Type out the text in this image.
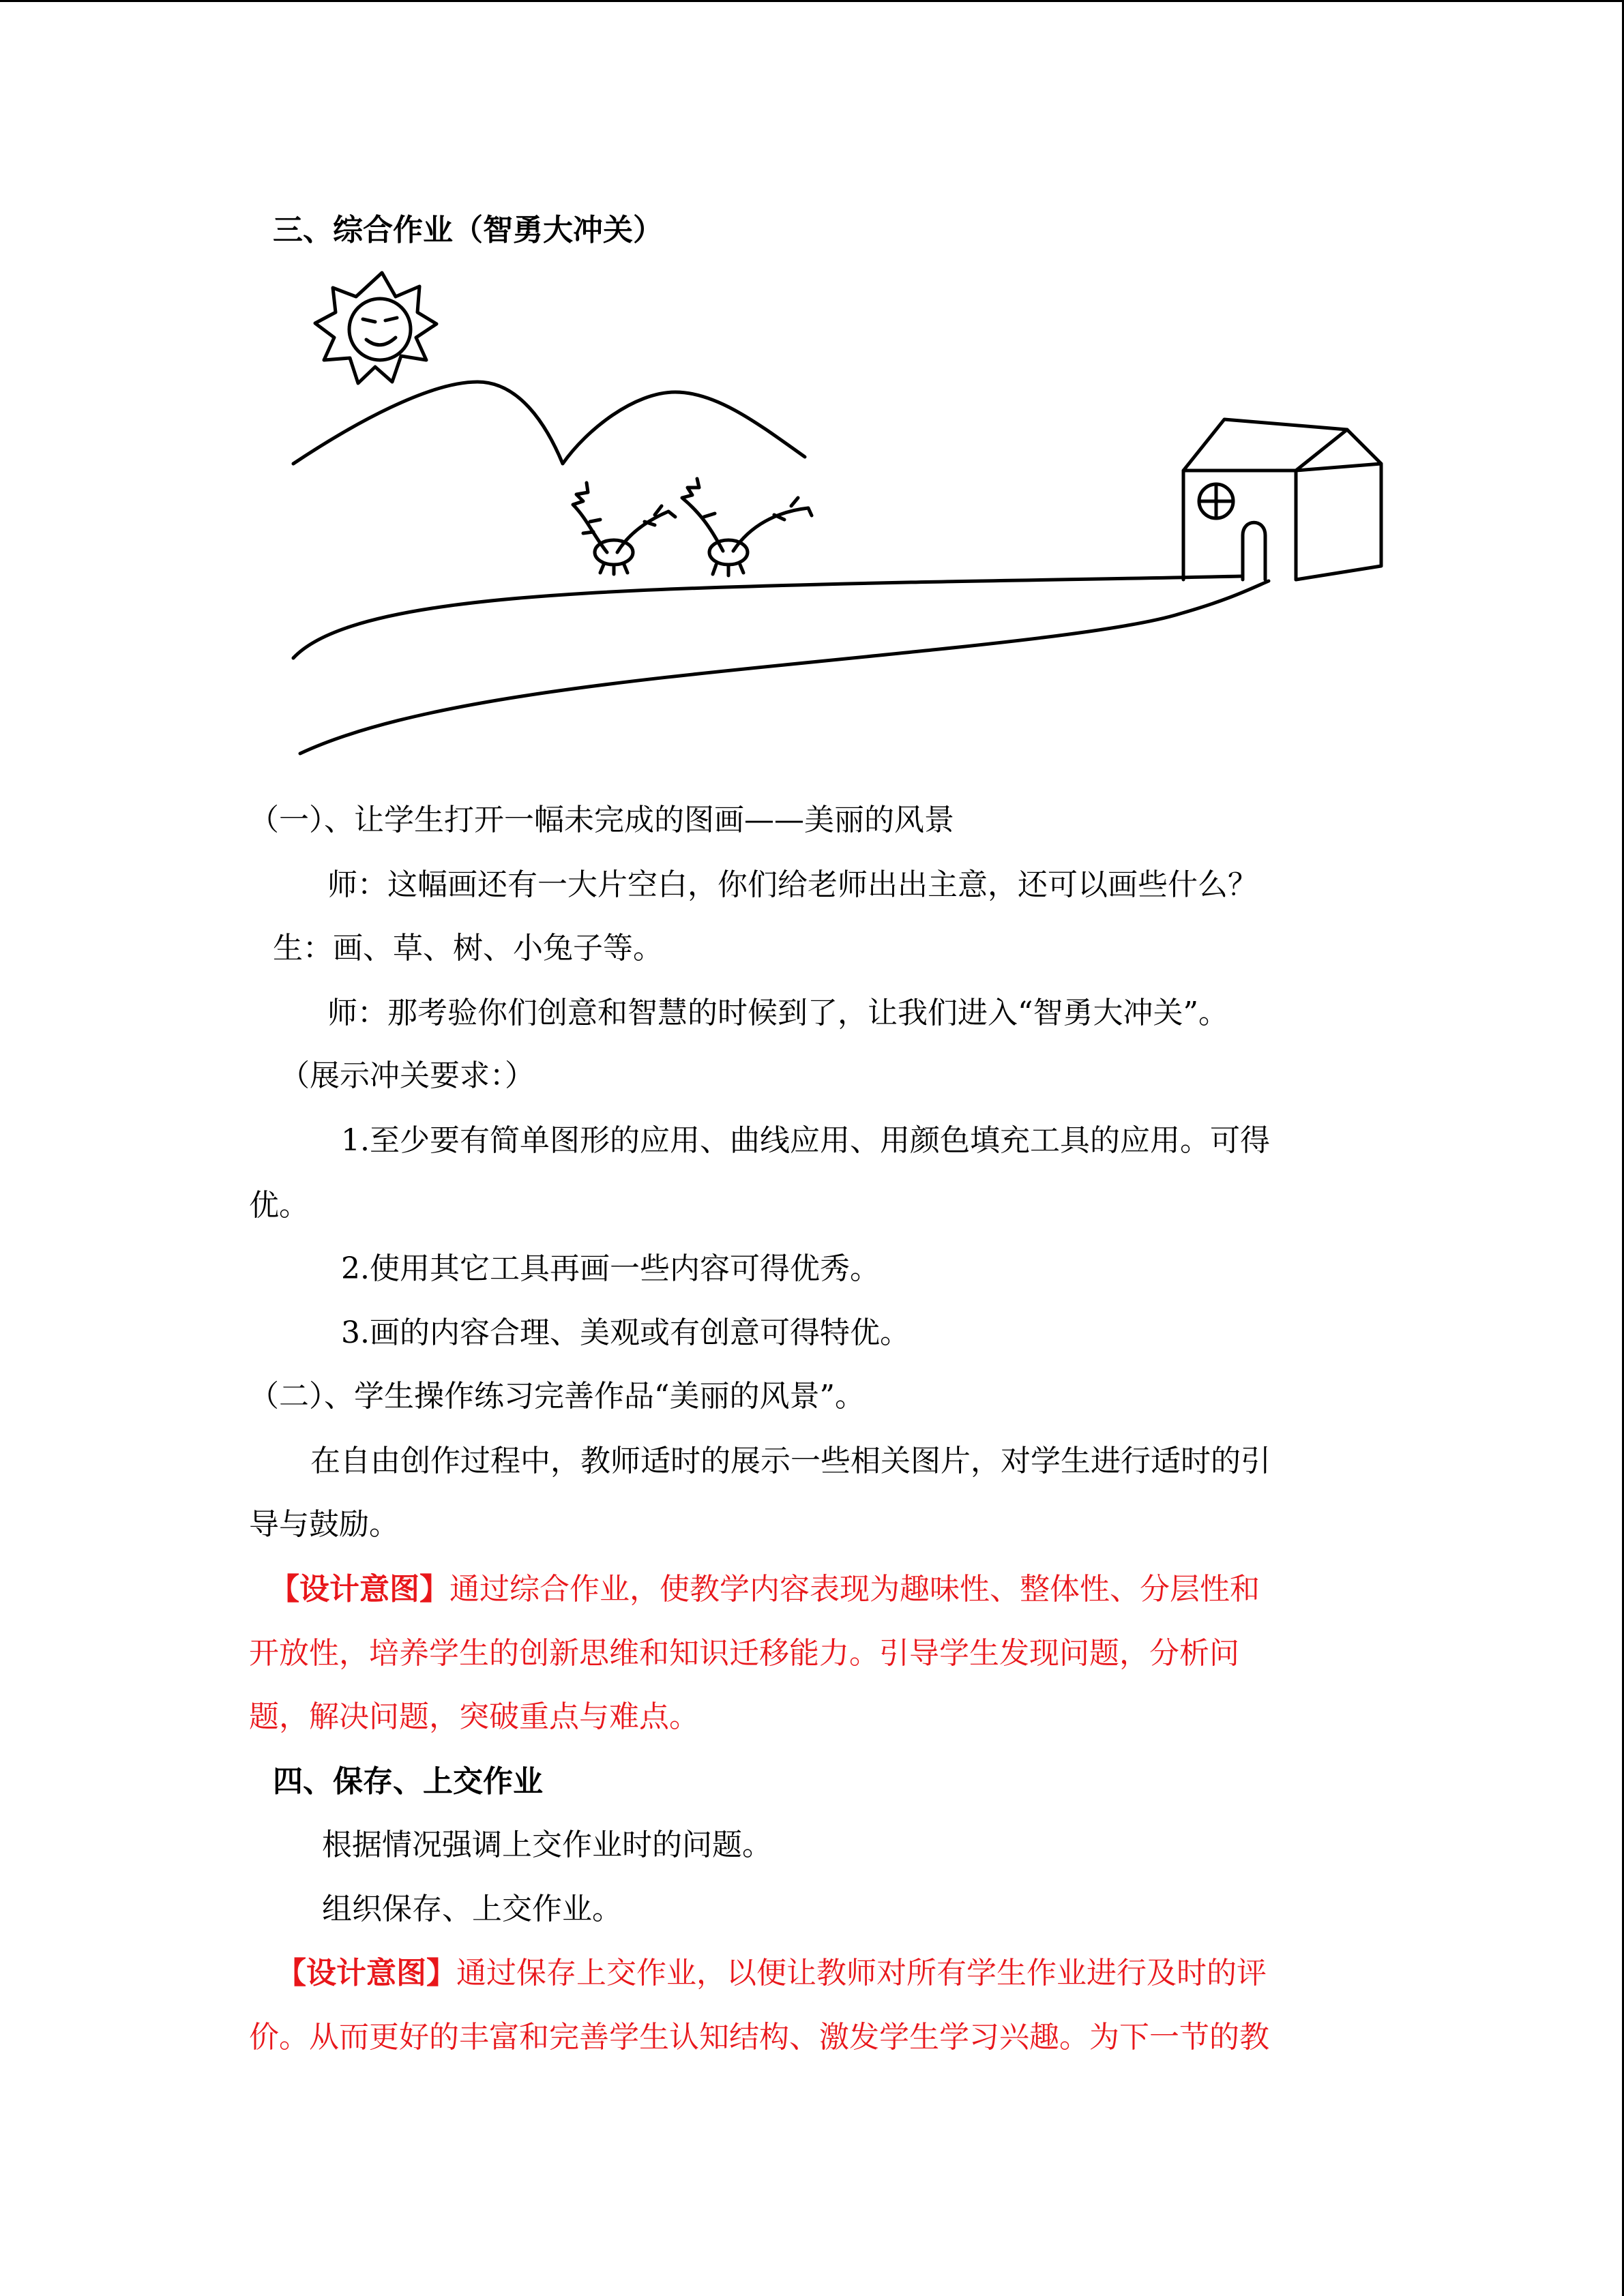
三、综合作业（智勇大冲关）
（一）、让学生打开一幅未完成的图画——美丽的风景
师：这幅画还有一大片空白，你们给老师出出主意，还可以画些什么？
生：画、草、树、小兔子等。
师：那考验你们创意和智慧的时候到了，让我们进入“智勇大冲关”。
（展示冲关要求：）
1.至少要有简单图形的应用、曲线应用、用颜色填充工具的应用。可得
优。
2.使用其它工具再画一些内容可得优秀。
3.画的内容合理、美观或有创意可得特优。
（二）、学生操作练习完善作品“美丽的风景”。
在自由创作过程中，教师适时的展示一些相关图片，对学生进行适时的引
导与鼓励。
【设计意图】通过综合作业，使教学内容表现为趣味性、整体性、分层性和
开放性，培养学生的创新思维和知识迁移能力。引导学生发现问题，分析问
题，解决问题，突破重点与难点。
四、保存、上交作业
根据情况强调上交作业时的问题。
组织保存、上交作业。
【设计意图】通过保存上交作业，以便让教师对所有学生作业进行及时的评
价。从而更好的丰富和完善学生认知结构、激发学生学习兴趣。为下一节的教
